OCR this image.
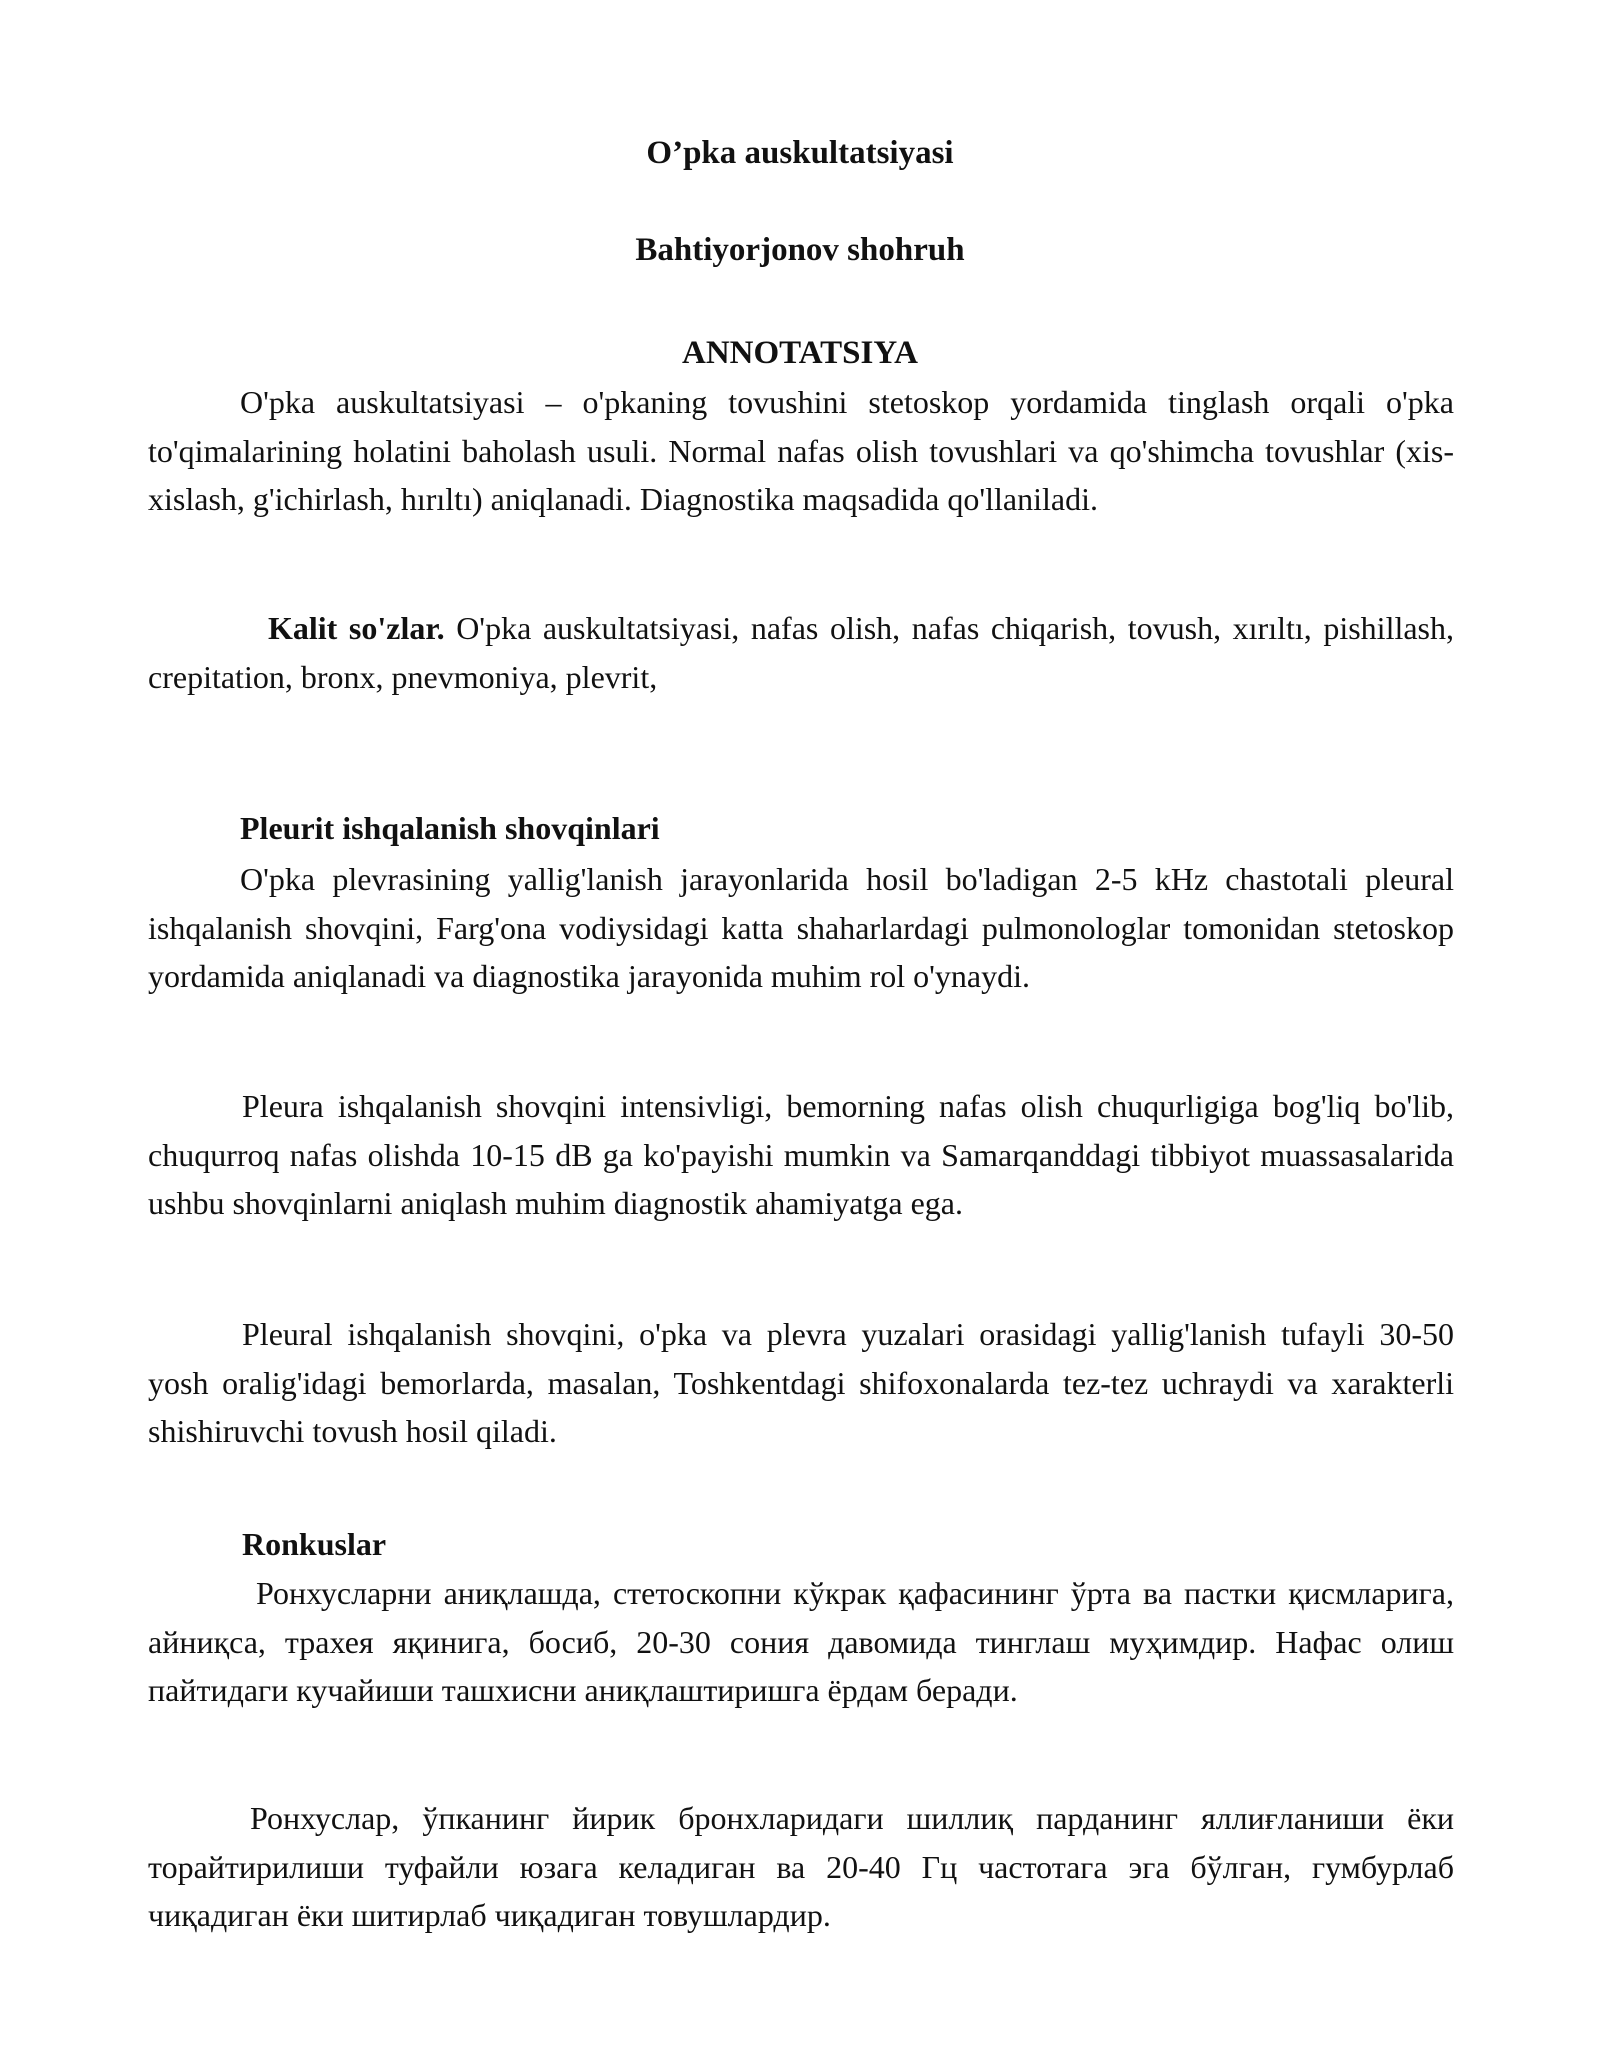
O’pka auskultatsiyasi
Bahtiyorjonov shohruh
ANNOTATSIYA

O'pka auskultatsiyasi – o'pkaning tovushini stetoskop yordamida tinglash orqali o'pka to'qimalarining holatini baholash usuli. Normal nafas olish tovushlari va qo'shimcha tovushlar (xis-xislash, g'ichirlash, hırıltı) aniqlanadi. Diagnostika maqsadida qo'llaniladi.

Kalit so'zlar. O'pka auskultatsiyasi, nafas olish, nafas chiqarish, tovush, xırıltı, pishillash, crepitation, bronx, pnevmoniya, plevrit,

Pleurit ishqalanish shovqinlari

O'pka plevrasining yallig'lanish jarayonlarida hosil bo'ladigan 2-5 kHz chastotali pleural ishqalanish shovqini, Farg'ona vodiysidagi katta shaharlardagi pulmonologlar tomonidan stetoskop yordamida aniqlanadi va diagnostika jarayonida muhim rol o'ynaydi.

Pleura ishqalanish shovqini intensivligi, bemorning nafas olish chuqurligiga bog'liq bo'lib, chuqurroq nafas olishda 10-15 dB ga ko'payishi mumkin va Samarqanddagi tibbiyot muassasalarida ushbu shovqinlarni aniqlash muhim diagnostik ahamiyatga ega.

Pleural ishqalanish shovqini, o'pka va plevra yuzalari orasidagi yallig'lanish tufayli 30-50 yosh oralig'idagi bemorlarda, masalan, Toshkentdagi shifoxonalarda tez-tez uchraydi va xarakterli shishiruvchi tovush hosil qiladi.

Ronkuslar

Ронхусларни аниқлашда, стетоскопни кўкрак қафасининг ўрта ва пастки қисмларига, айниқса, трахея яқинига, босиб, 20-30 сония давомида тинглаш муҳимдир. Нафас олиш пайтидаги кучайиши ташхисни аниқлаштиришга ёрдам беради.

Ронхуслар, ўпканинг йирик бронхларидаги шиллиқ парданинг яллиғланиши ёки торайтирилиши туфайли юзага келадиган ва 20-40 Гц частотага эга бўлган, гумбурлаб чиқадиган ёки шитирлаб чиқадиган товушлардир.
